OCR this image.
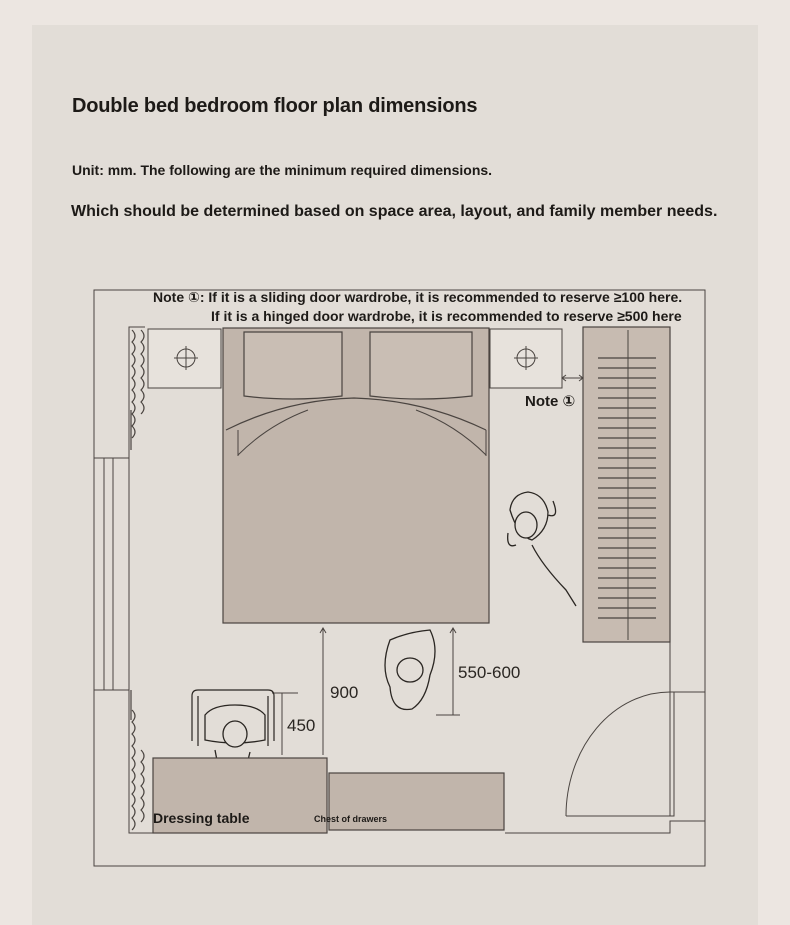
Double bed bedroom floor plan dimensions
Unit: mm. The following are the minimum required dimensions.
Which should be determined based on space area, layout, and family member needs.
Note ①: If it is a sliding door wardrobe, it is recommended to reserve ≥100 here.
If it is a hinged door wardrobe, it is recommended to reserve ≥500 here
Note ①
900
550-600
450
Dressing table	Chest of drawers
